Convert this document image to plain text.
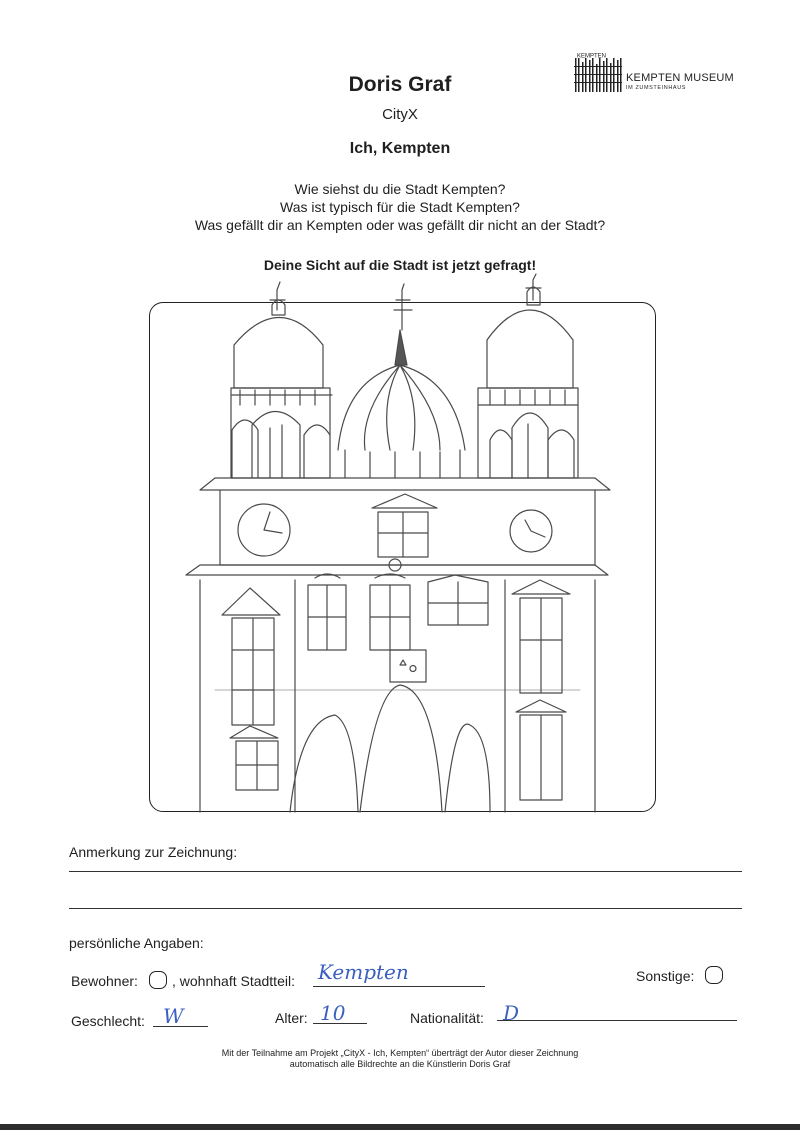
Doris Graf
CityX
Ich, Kempten
Wie siehst du die Stadt Kempten?
Was ist typisch für die Stadt Kempten?
Was gefällt dir an Kempten oder was gefällt dir nicht an der Stadt?
Deine Sicht auf die Stadt ist jetzt gefragt!
KEMPTEN
KEMPTEN MUSEUM
IM ZUMSTEINHAUS
Anmerkung zur Zeichnung:
persönliche Angaben:
Bewohner: , wohnhaft Stadtteil: Kempten	Sonstige:
Geschlecht: W	Alter: 10	Nationalität: D
Mit der Teilnahme am Projekt „CityX - Ich, Kempten“ überträgt der Autor dieser Zeichnung
automatisch alle Bildrechte an die Künstlerin Doris Graf
